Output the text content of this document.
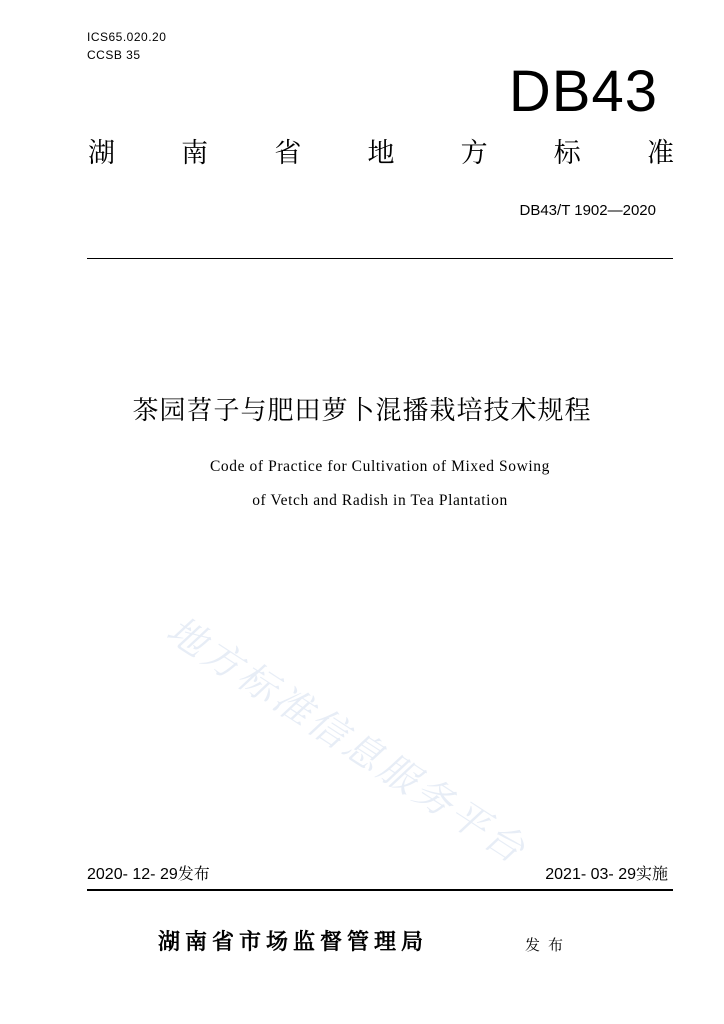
ICS65.020.20
CCSB 35
DB43
湖 南 省 地 方 标 准
DB43/T 1902—2020
茶园苕子与肥田萝卜混播栽培技术规程
Code of Practice for Cultivation of Mixed Sowing
of Vetch and Radish in Tea Plantation
地方标准信息服务平台
2020- 12- 29发布	2021- 03- 29实施
湖南省市场监督管理局	发布
